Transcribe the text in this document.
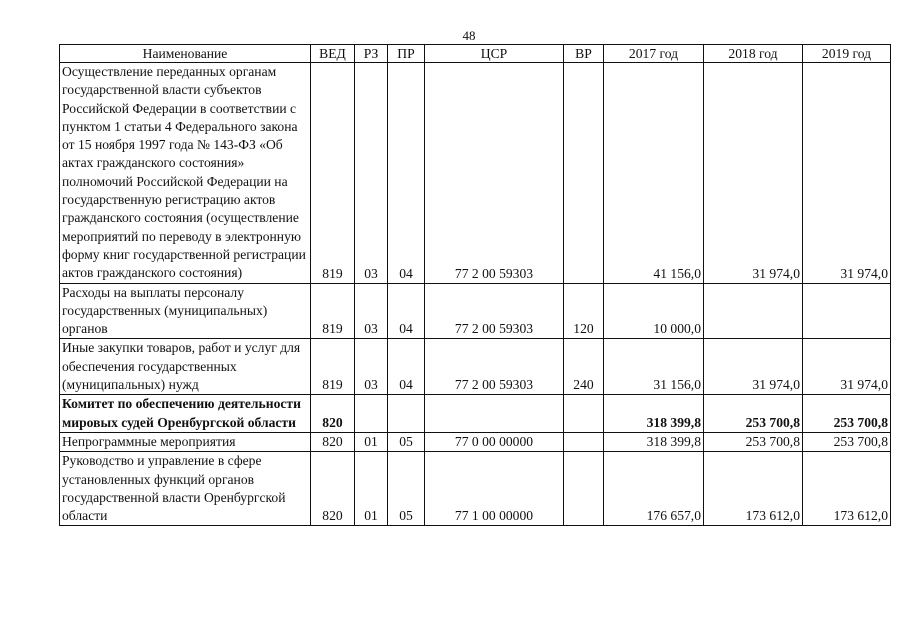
48
Наименование	ВЕД	РЗ	ПР	ЦСР	ВР	2017 год	2018 год	2019 год
Осуществление переданных органам государственной власти субъектов Российской Федерации в соответствии с пунктом 1 статьи 4 Федерального закона от 15 ноября 1997 года № 143-ФЗ «Об актах гражданского состояния» полномочий Российской Федерации на государственную регистрацию актов гражданского состояния (осуществление мероприятий по переводу в электронную форму книг государственной регистрации актов гражданского состояния)	819	03	04	77 2 00 59303		41 156,0	31 974,0	31 974,0
Расходы на выплаты персоналу государственных (муниципальных) органов	819	03	04	77 2 00 59303	120	10 000,0		
Иные закупки товаров, работ и услуг для обеспечения государственных (муниципальных) нужд	819	03	04	77 2 00 59303	240	31 156,0	31 974,0	31 974,0
Комитет по обеспечению деятельности мировых судей Оренбургской области	820					318 399,8	253 700,8	253 700,8
Непрограммные мероприятия	820	01	05	77 0 00 00000		318 399,8	253 700,8	253 700,8
Руководство и управление в сфере установленных функций органов государственной власти Оренбургской области	820	01	05	77 1 00 00000		176 657,0	173 612,0	173 612,0
